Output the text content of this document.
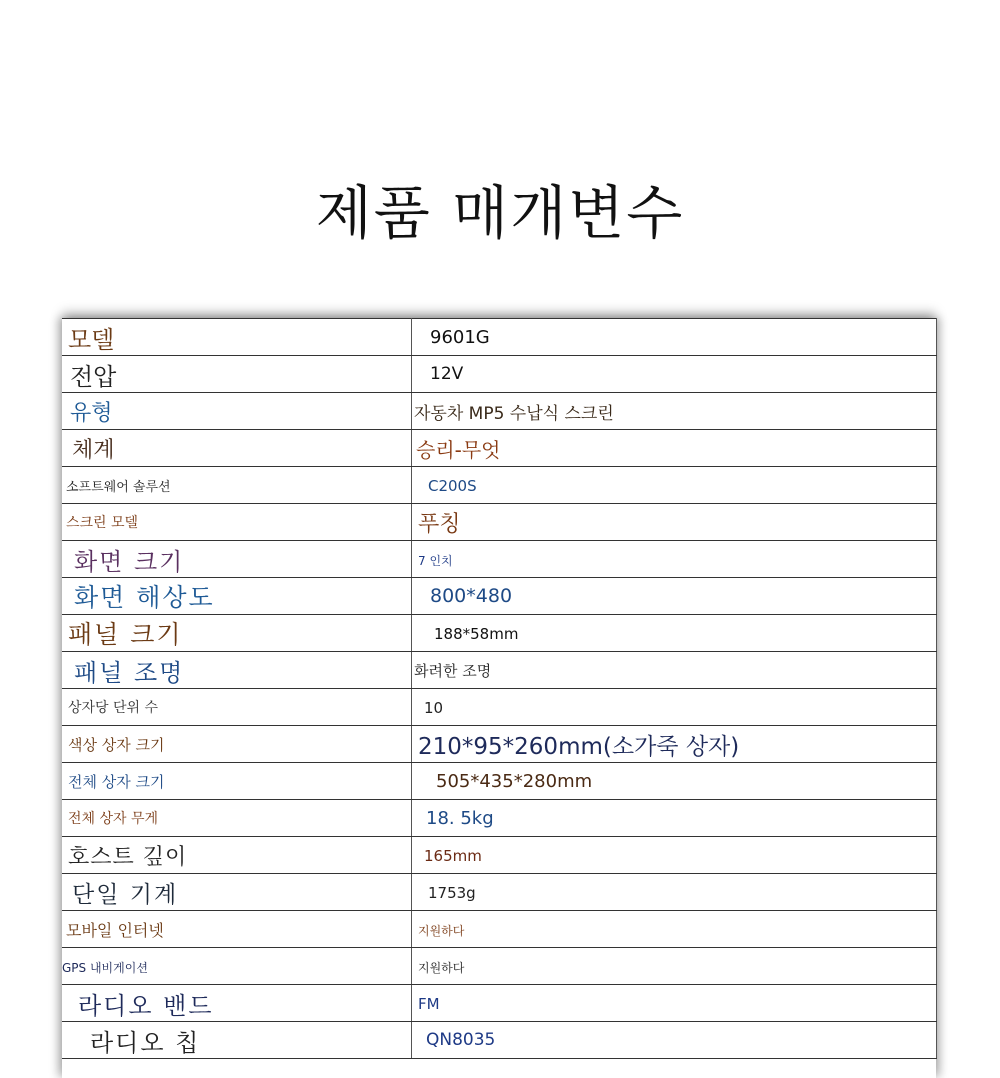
제품 매개변수
모델	9601G
전압	12V
유형	자동차 MP5 수납식 스크린
체계	승리-무엇
소프트웨어 솔루션	C200S
스크린 모델	푸칭
화면 크기	7 인치
화면 해상도	800*480
패널 크기	188*58mm
패널 조명	화려한 조명
상자당 단위 수	10
색상 상자 크기	210*95*260mm(소가죽 상자)
전체 상자 크기	505*435*280mm
전체 상자 무게	18. 5kg
호스트 깊이	165mm
단일 기계	1753g
모바일 인터넷	지원하다
GPS 내비게이션	지원하다
라디오 밴드	FM
라디오 칩	QN8035
